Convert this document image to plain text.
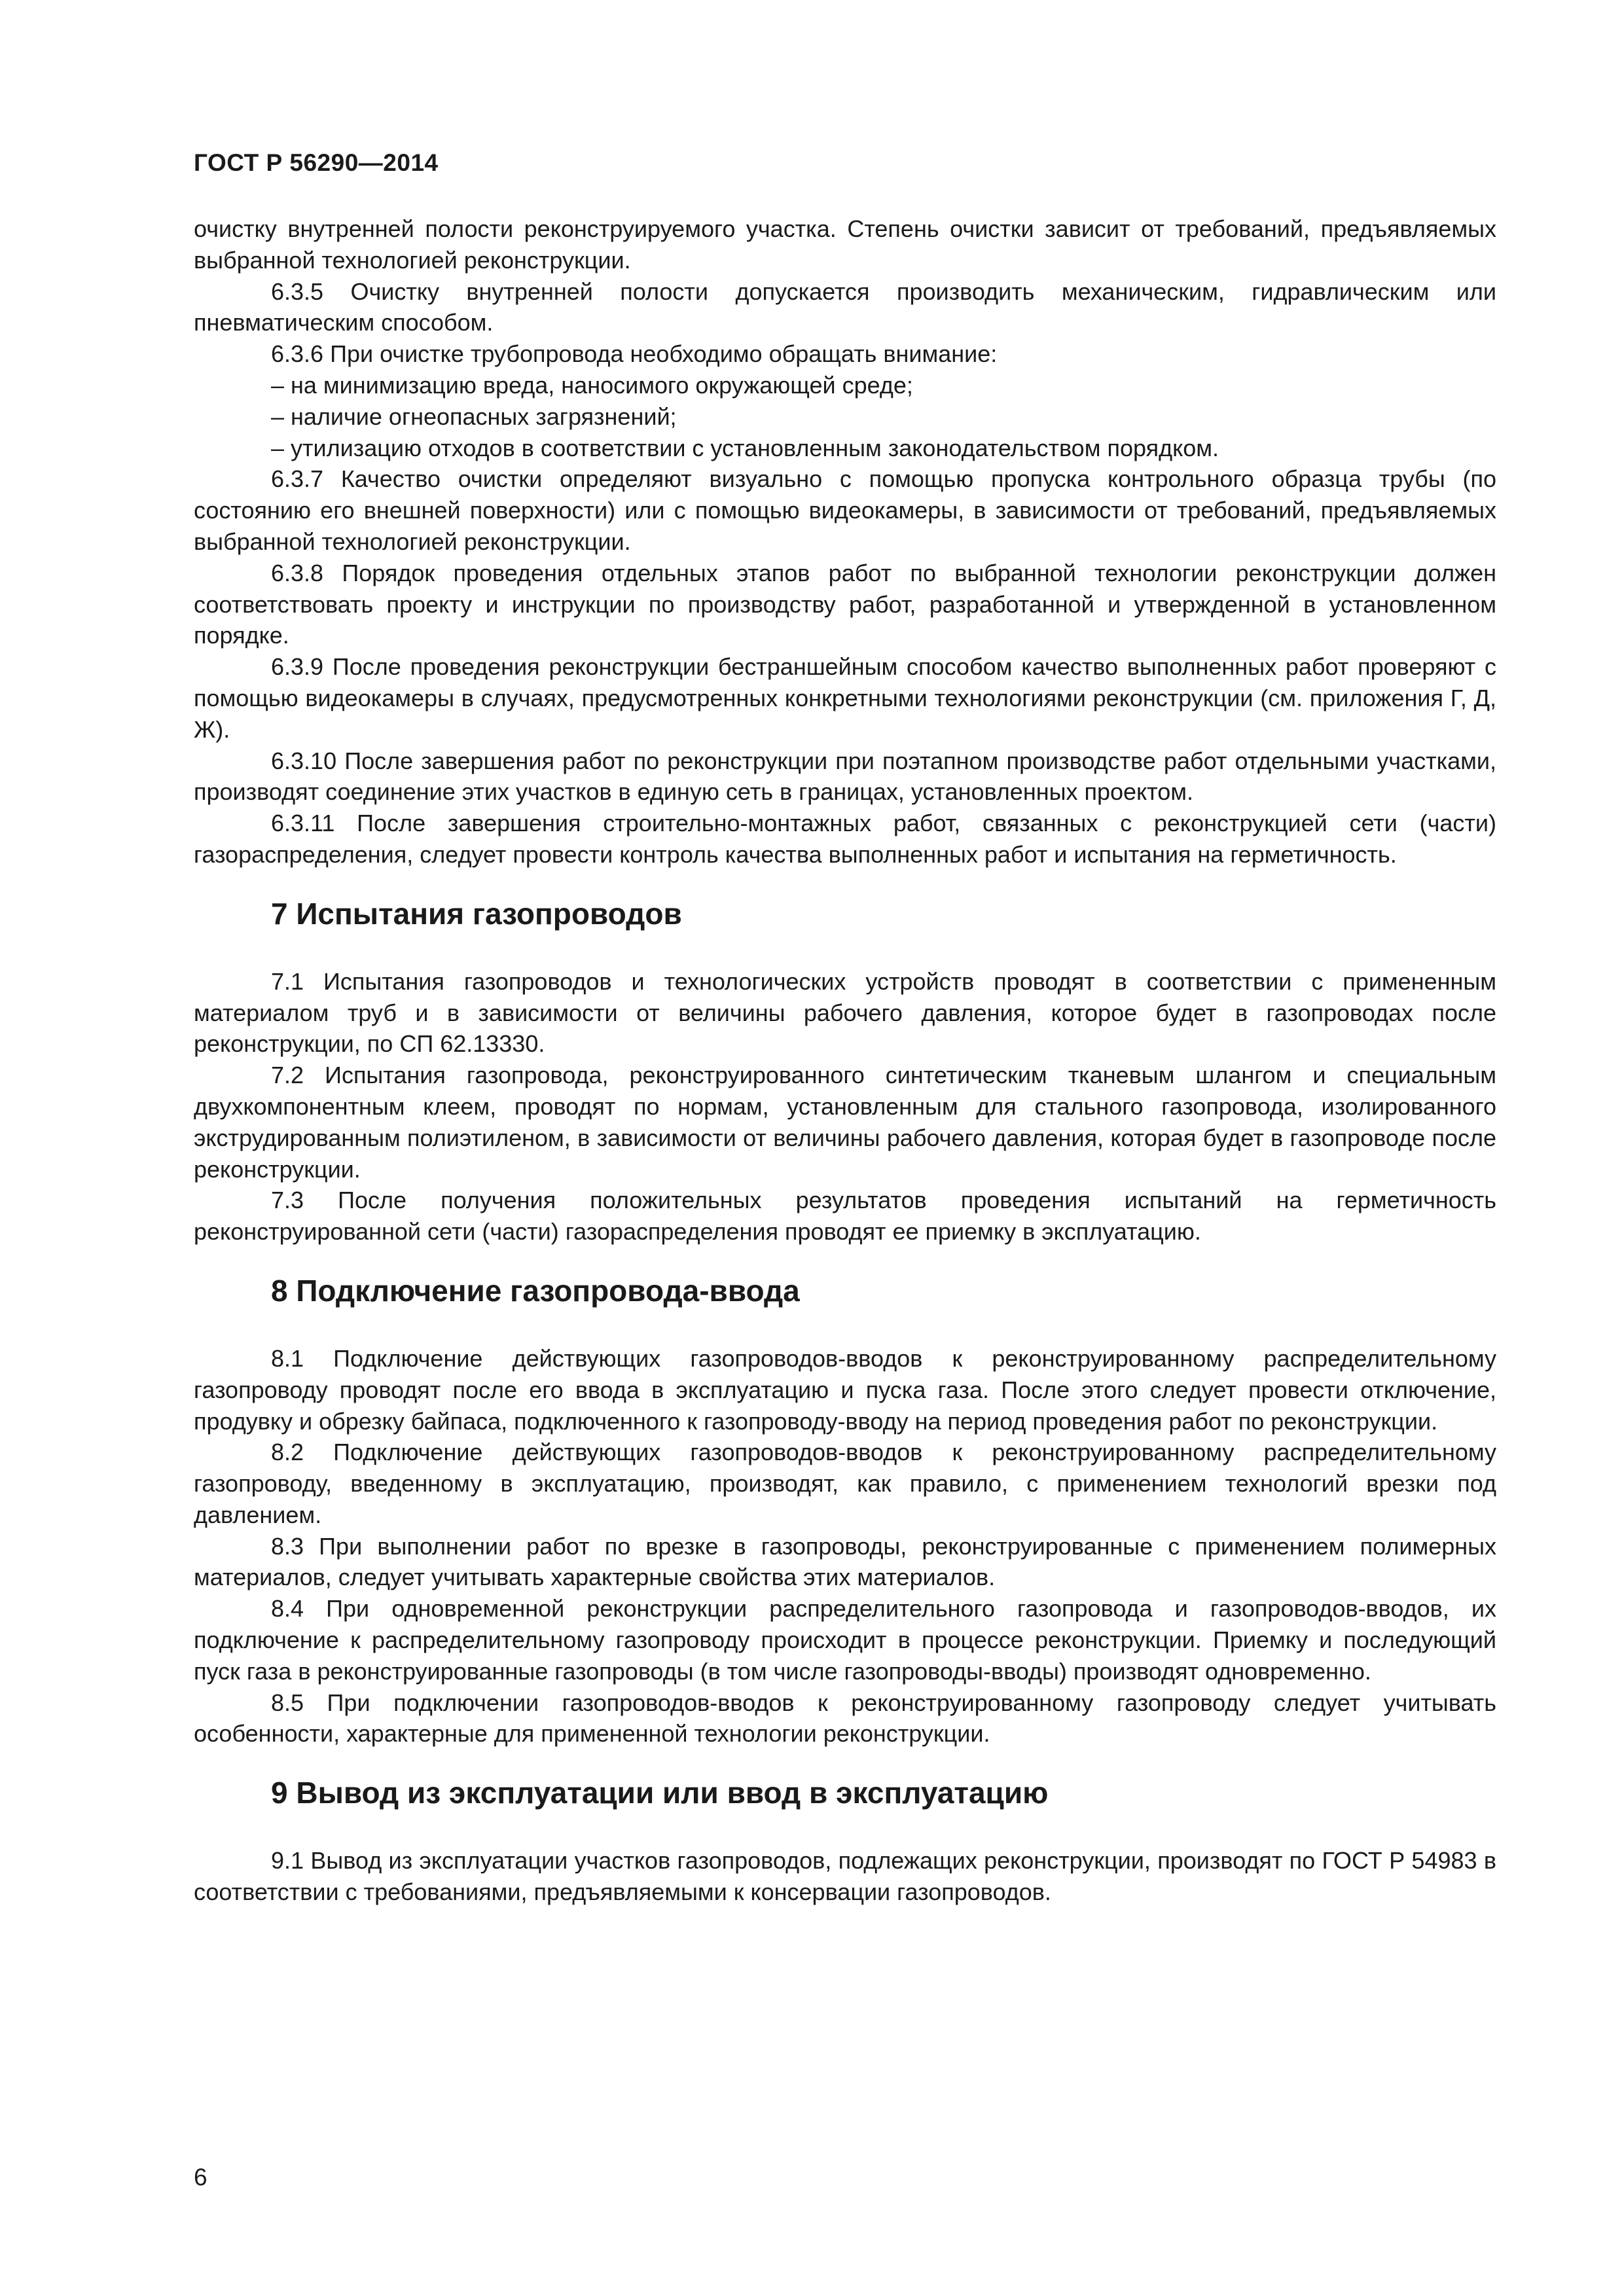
ГОСТ Р 56290—2014

очистку внутренней полости реконструируемого участка. Степень очистки зависит от требований, предъявляемых выбранной технологией реконструкции.

6.3.5 Очистку внутренней полости допускается производить механическим, гидравлическим или пневматическим способом.

6.3.6 При очистке трубопровода необходимо обращать внимание:

– на минимизацию вреда, наносимого окружающей среде;

– наличие огнеопасных загрязнений;

– утилизацию отходов в соответствии с установленным законодательством порядком.

6.3.7 Качество очистки определяют визуально с помощью пропуска контрольного образца трубы (по состоянию его внешней поверхности) или с помощью видеокамеры, в зависимости от требований, предъявляемых выбранной технологией реконструкции.

6.3.8 Порядок проведения отдельных этапов работ по выбранной технологии реконструкции должен соответствовать проекту и инструкции по производству работ, разработанной и утвержденной в установленном порядке.

6.3.9 После проведения реконструкции бестраншейным способом качество выполненных работ проверяют с помощью видеокамеры в случаях, предусмотренных конкретными технологиями реконструкции (см. приложения Г, Д, Ж).

6.3.10 После завершения работ по реконструкции при поэтапном производстве работ отдельными участками, производят соединение этих участков в единую сеть в границах, установленных проектом.

6.3.11 После завершения строительно-монтажных работ, связанных с реконструкцией сети (части) газораспределения, следует провести контроль качества выполненных работ и испытания на герметичность.

7 Испытания газопроводов

7.1 Испытания газопроводов и технологических устройств проводят в соответствии с примененным материалом труб и в зависимости от величины рабочего давления, которое будет в газопроводах после реконструкции, по СП 62.13330.

7.2 Испытания газопровода, реконструированного синтетическим тканевым шлангом и специальным двухкомпонентным клеем, проводят по нормам, установленным для стального газопровода, изолированного экструдированным полиэтиленом, в зависимости от величины рабочего давления, которая будет в газопроводе после реконструкции.

7.3 После получения положительных результатов проведения испытаний на герметичность реконструированной сети (части) газораспределения проводят ее приемку в эксплуатацию.

8 Подключение газопровода-ввода

8.1 Подключение действующих газопроводов-вводов к реконструированному распределительному газопроводу проводят после его ввода в эксплуатацию и пуска газа. После этого следует провести отключение, продувку и обрезку байпаса, подключенного к газопроводу-вводу на период проведения работ по реконструкции.

8.2 Подключение действующих газопроводов-вводов к реконструированному распределительному газопроводу, введенному в эксплуатацию, производят, как правило, с применением технологий врезки под давлением.

8.3 При выполнении работ по врезке в газопроводы, реконструированные с применением полимерных материалов, следует учитывать характерные свойства этих материалов.

8.4 При одновременной реконструкции распределительного газопровода и газопроводов-вводов, их подключение к распределительному газопроводу происходит в процессе реконструкции. Приемку и последующий пуск газа в реконструированные газопроводы (в том числе газопроводы-вводы) производят одновременно.

8.5 При подключении газопроводов-вводов к реконструированному газопроводу следует учитывать особенности, характерные для примененной технологии реконструкции.

9 Вывод из эксплуатации или ввод в эксплуатацию

9.1 Вывод из эксплуатации участков газопроводов, подлежащих реконструкции, производят по ГОСТ Р 54983 в соответствии с требованиями, предъявляемыми к консервации газопроводов.

6
